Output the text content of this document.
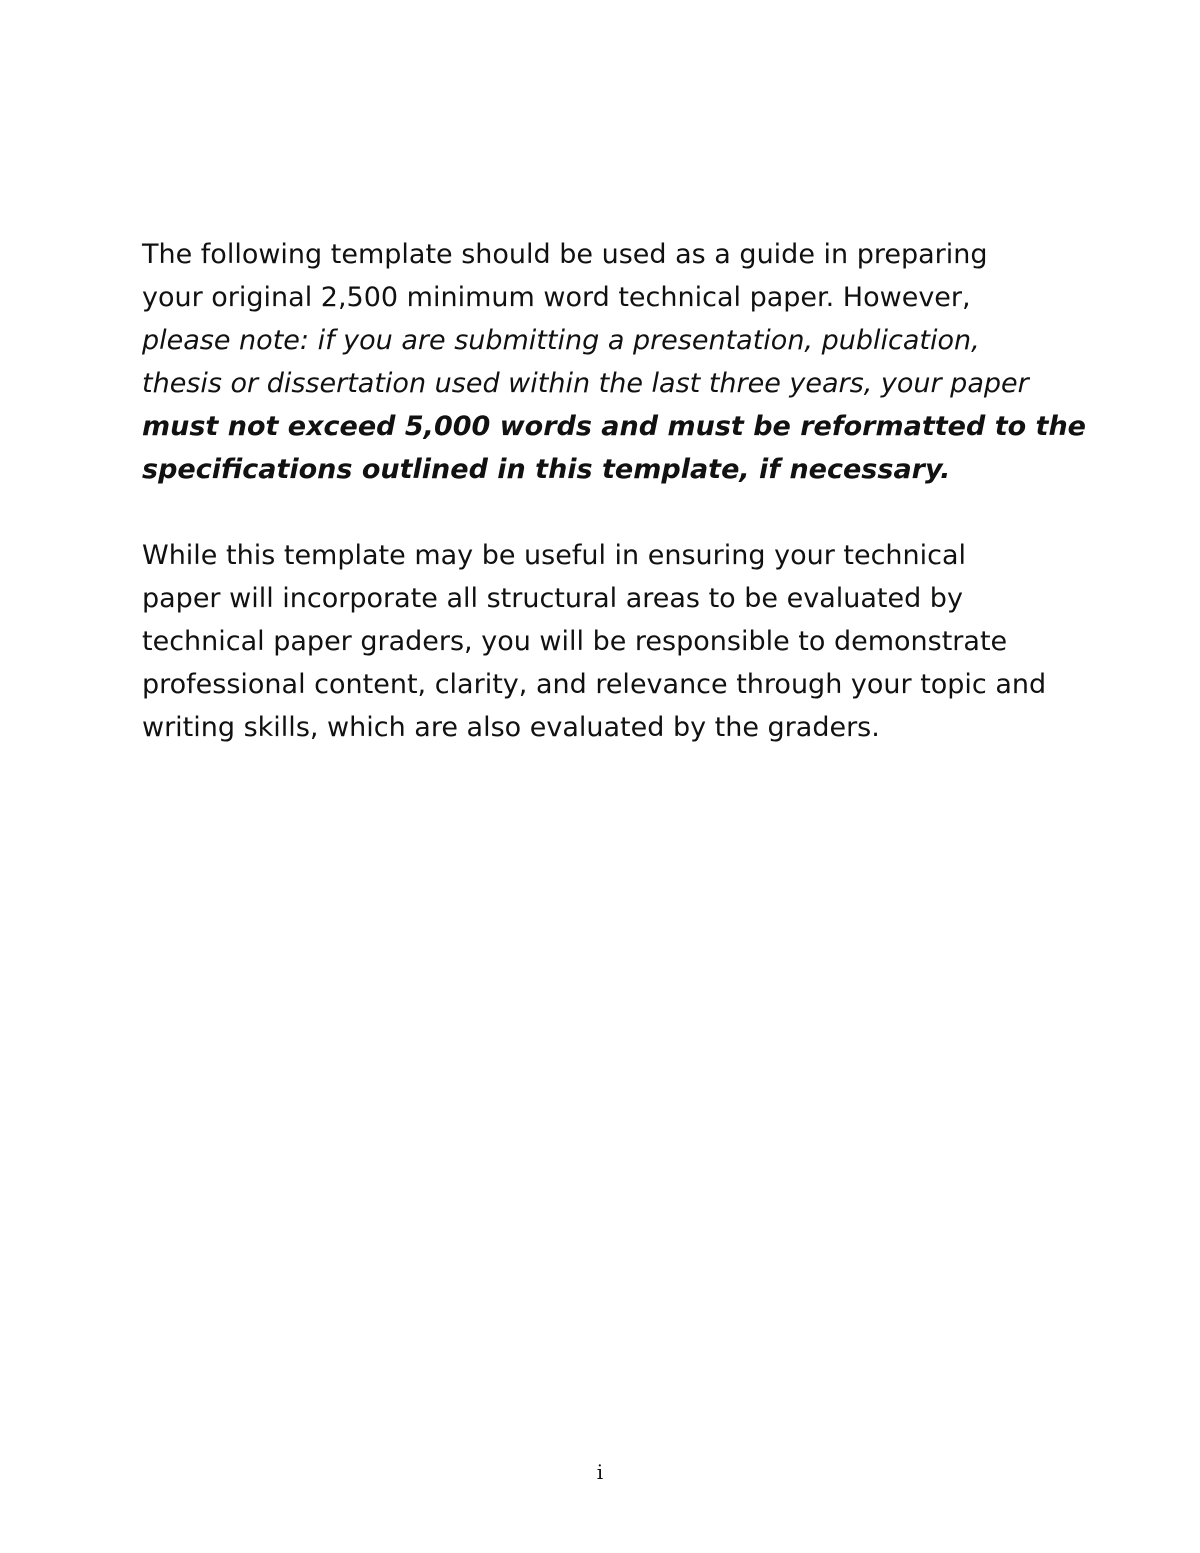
The following template should be used as a guide in preparing
your original 2,500 minimum word technical paper. However,
please note: if you are submitting a presentation, publication,
thesis or dissertation used within the last three years, your paper
must not exceed 5,000 words and must be reformatted to the
specifications outlined in this template, if necessary.

While this template may be useful in ensuring your technical
paper will incorporate all structural areas to be evaluated by
technical paper graders, you will be responsible to demonstrate
professional content, clarity, and relevance through your topic and
writing skills, which are also evaluated by the graders.

i
